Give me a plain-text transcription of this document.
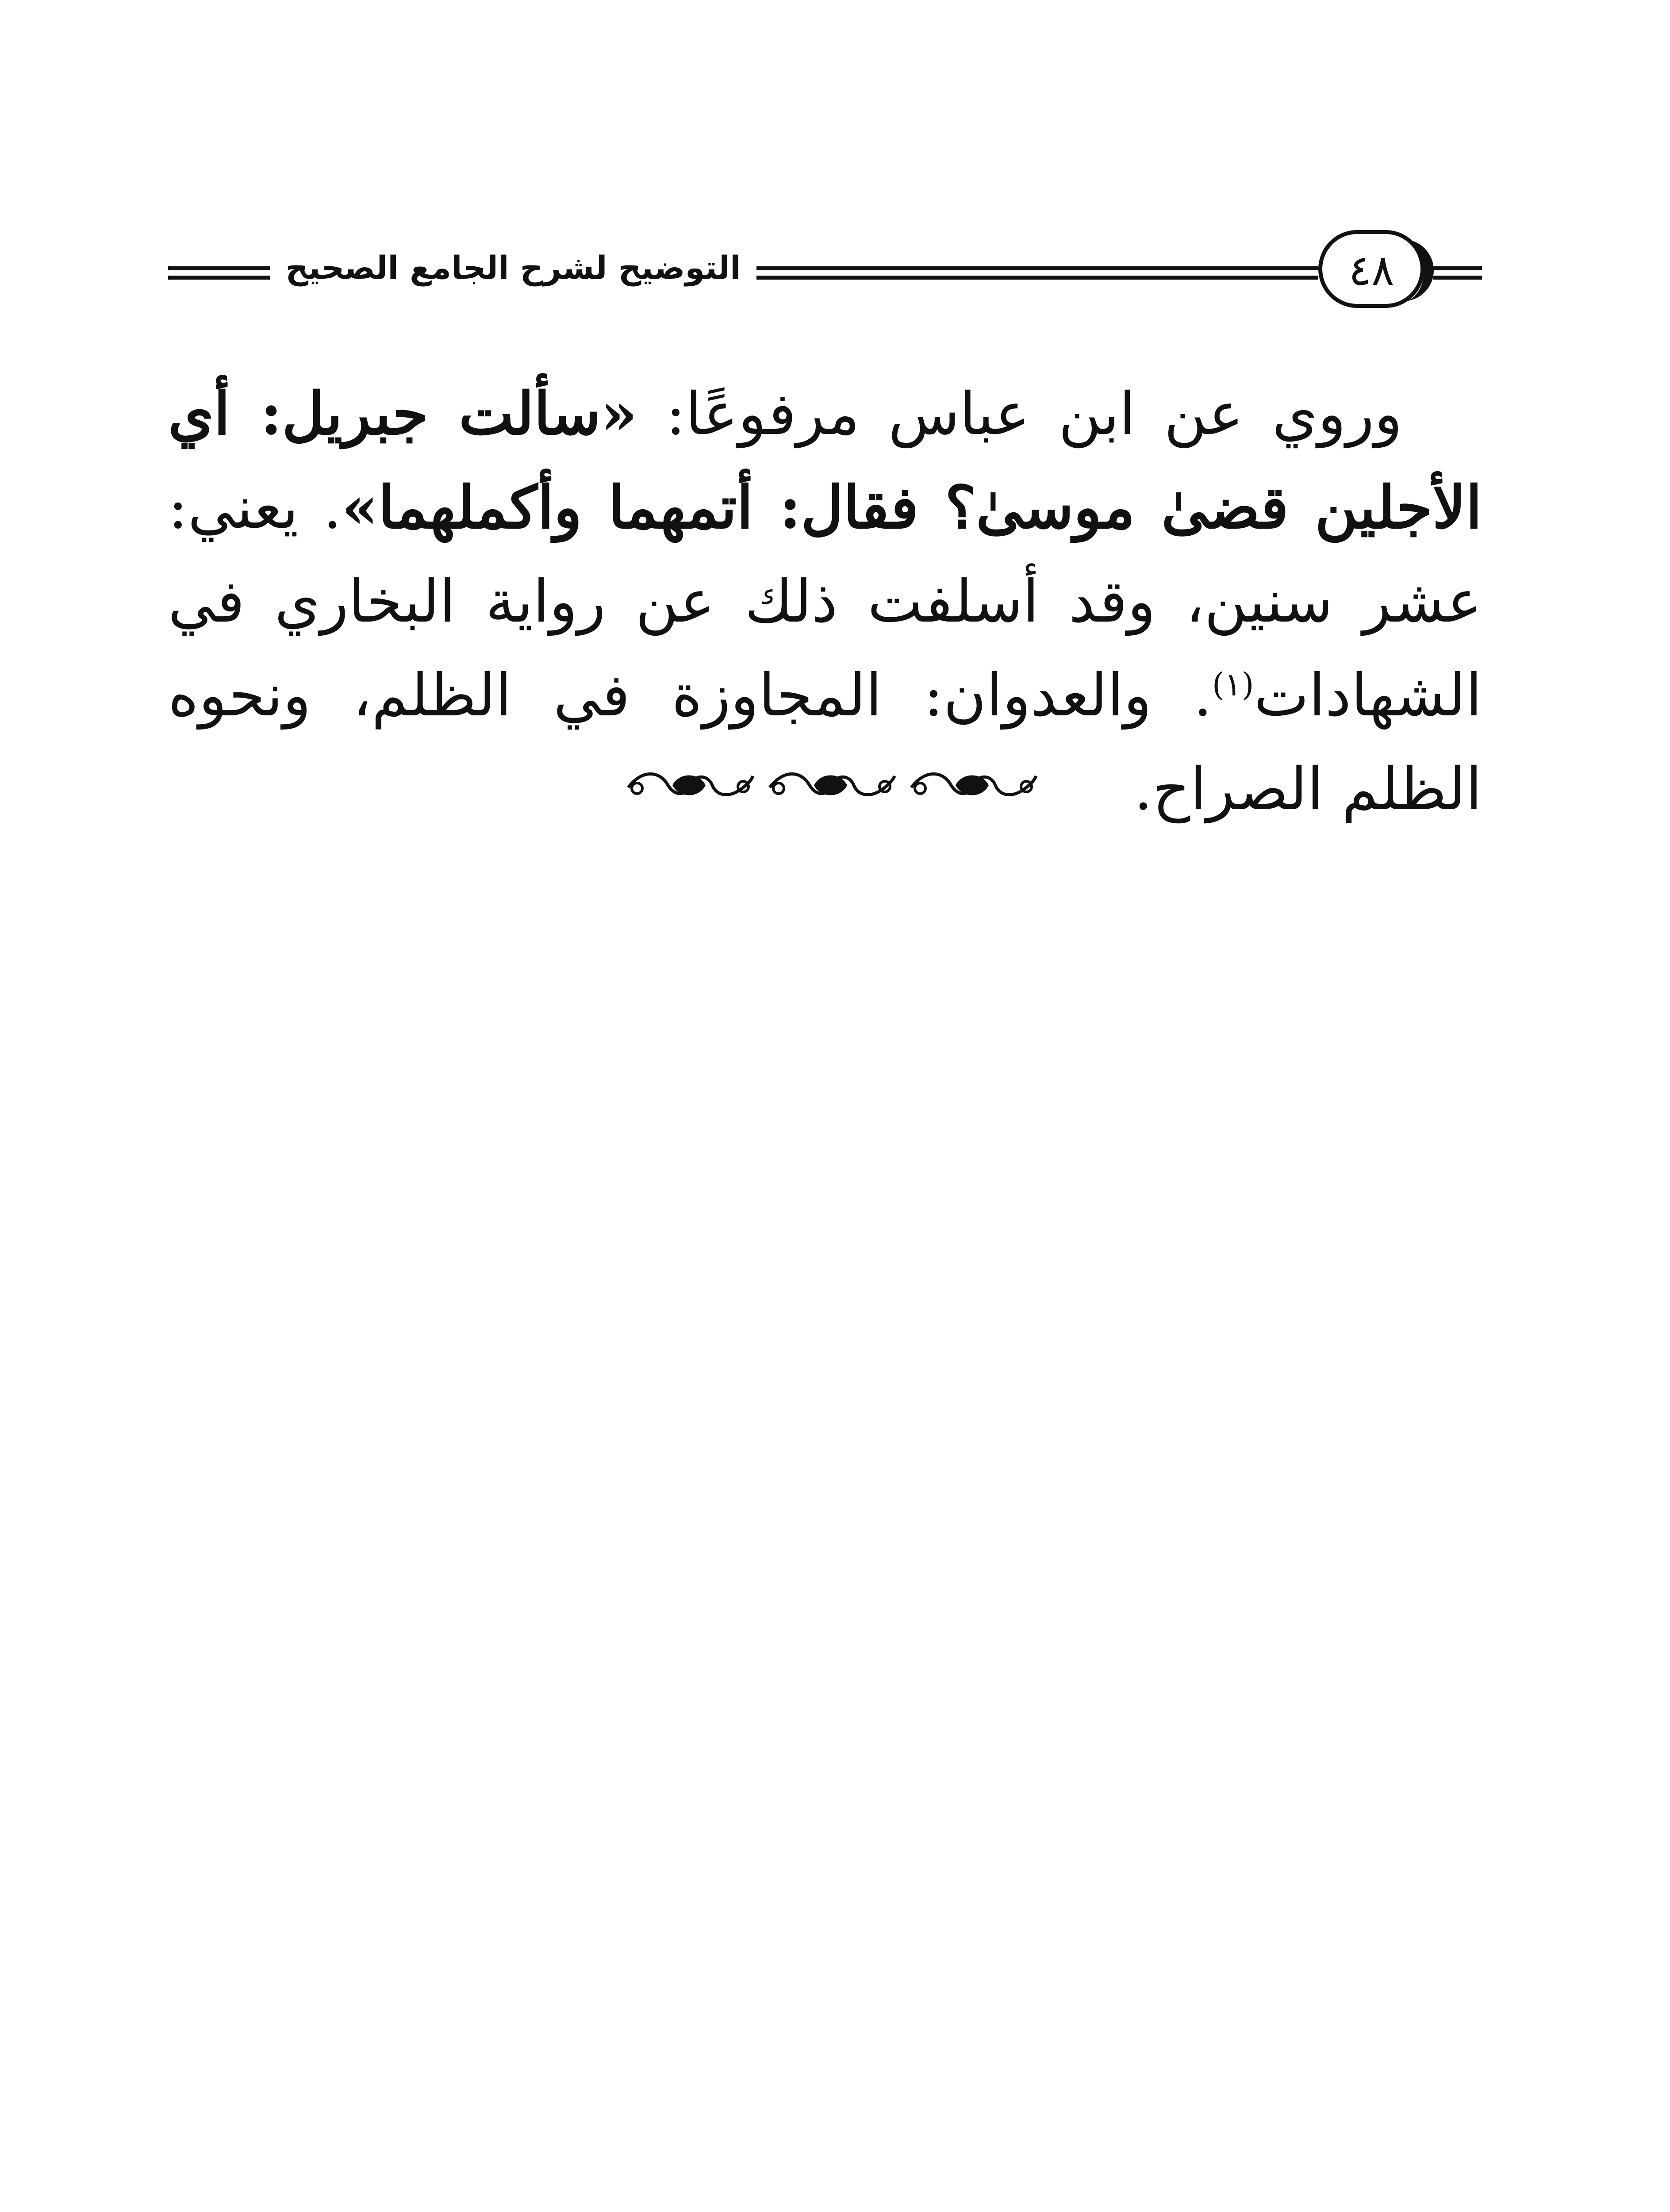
التوضيح لشرح الجامع الصحيح	٤٨
وروي عن ابن عباس مرفوعًا: «سألت جبريل: أي الأجلين قضىٰ موسىٰ؟ فقال: أتمهما وأكملهما». يعني: عشر سنين، وقد أسلفت ذلك عن رواية البخاري في الشهادات$^{(١)}$. والعدوان: المجاوزة في الظلم، ونحوه الظلم الصراح.
